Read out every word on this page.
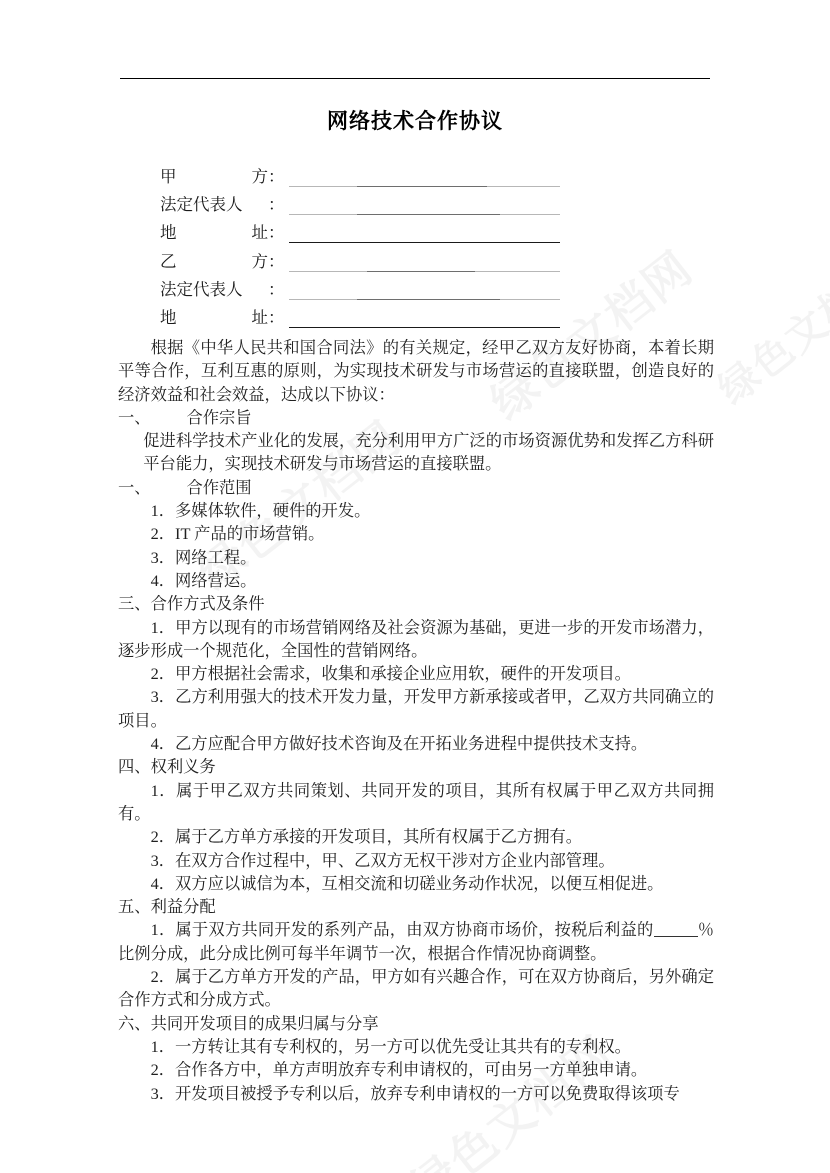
网络技术合作协议
甲	方 ：
法定代表人 ：
地	址 ：
乙	方 ：
法定代表人 ：
地	址 ：
根据《中华人民共和国合同法》的有关规定，经甲乙双方友好协商，本着长期平等合作，互利互惠的原则，为实现技术研发与市场营运的直接联盟，创造良好的经济效益和社会效益，达成以下协议：
一、 合作宗旨
促进科学技术产业化的发展，充分利用甲方广泛的市场资源优势和发挥乙方科研平台能力，实现技术研发与市场营运的直接联盟。
一、 合作范围
1．多媒体软件，硬件的开发。
2．IT 产品的市场营销。
3．网络工程。
4．网络营运。
三、合作方式及条件
1．甲方以现有的市场营销网络及社会资源为基础，更进一步的开发市场潜力，逐步形成一个规范化，全国性的营销网络。
2．甲方根据社会需求，收集和承接企业应用软，硬件的开发项目。
3．乙方利用强大的技术开发力量，开发甲方新承接或者甲，乙双方共同确立的项目。
4．乙方应配合甲方做好技术咨询及在开拓业务进程中提供技术支持。
四、权利义务
1．属于甲乙双方共同策划、共同开发的项目，其所有权属于甲乙双方共同拥有。
2．属于乙方单方承接的开发项目，其所有权属于乙方拥有。
3．在双方合作过程中，甲、乙双方无权干涉对方企业内部管理。
4．双方应以诚信为本，互相交流和切磋业务动作状况，以便互相促进。
五、利益分配
1．属于双方共同开发的系列产品，由双方协商市场价，按税后利益的	％比例分成，此分成比例可每半年调节一次，根据合作情况协商调整。
2．属于乙方单方开发的产品，甲方如有兴趣合作，可在双方协商后，另外确定合作方式和分成方式。
六、共同开发项目的成果归属与分享
1．一方转让其有专利权的，另一方可以优先受让其共有的专利权。
2．合作各方中，单方声明放弃专利申请权的，可由另一方单独申请。
3．开发项目被授予专利以后，放弃专利申请权的一方可以免费取得该项专
